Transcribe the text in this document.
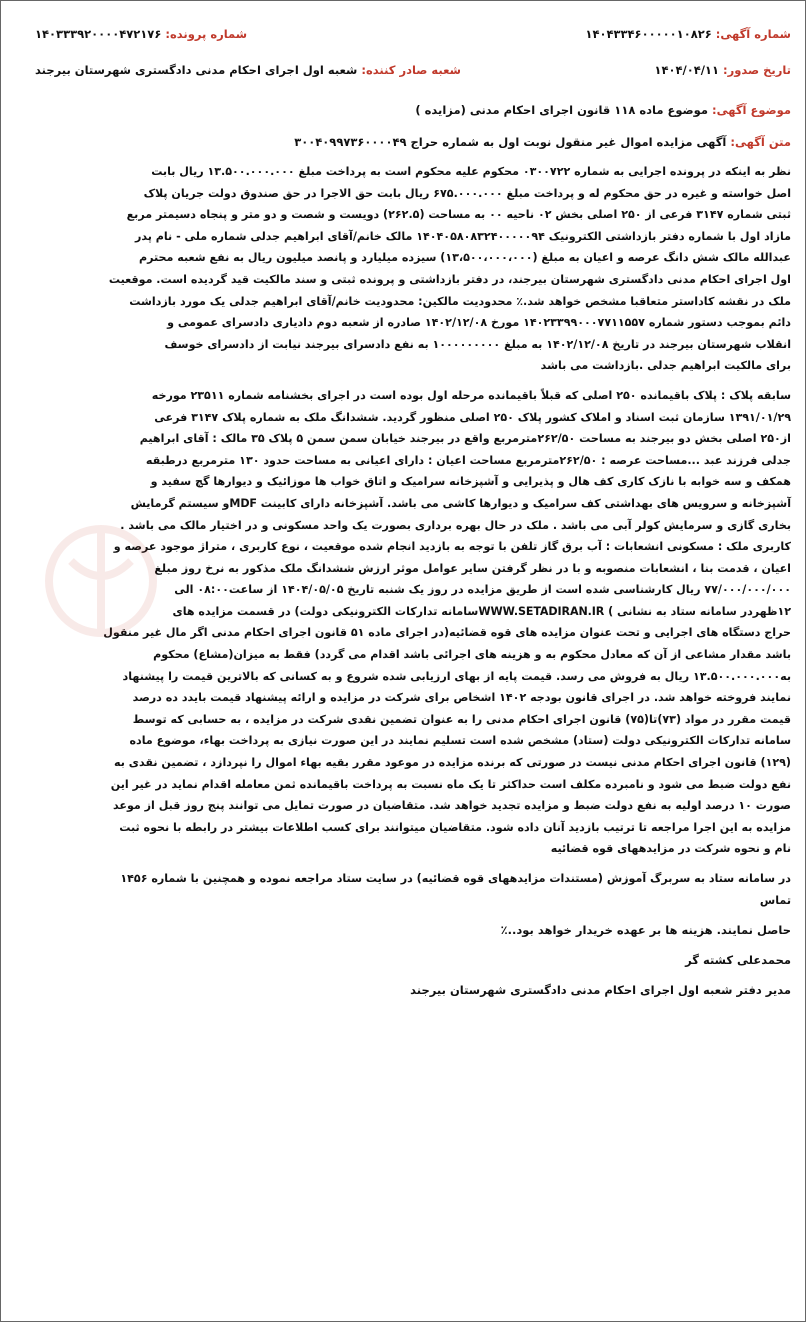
شماره آگهی: ۱۴۰۴۳۳۴۶۰۰۰۰۰۱۰۸۲۶
شماره پرونده: ۱۴۰۳۳۳۹۲۰۰۰۰۴۷۲۱۷۶
تاریخ صدور: ۱۴۰۴/۰۴/۱۱
شعبه صادر کننده: شعبه اول اجرای احکام مدنی دادگستری شهرستان بیرجند
موضوع آگهی: موضوع ماده ۱۱۸ قانون اجرای احکام مدنی (مزایده )
متن آگهی: آگهی مزایده اموال غیر منقول نوبت اول به شماره حراج ۳۰۰۴۰۹۹۷۳۶۰۰۰۰۴۹

نظر به اینکه در پرونده اجرایی به شماره ۰۳۰۰۷۲۲ محکوم علیه محکوم است به پرداخت مبلغ ۱۳.۵۰۰.۰۰۰.۰۰۰ ریال بابت

اصل خواسته و غیره در حق محکوم له و پرداخت مبلغ ۶۷۵.۰۰۰.۰۰۰ ریال بابت حق الاجرا در حق صندوق دولت جریان پلاک

ثبتی شماره ۳۱۴۷ فرعی از ۲۵۰ اصلی بخش ۰۲ ناحیه ۰۰ به مساحت (۲۶۲.۵) دویست و شصت و دو متر و پنجاه دسیمتر مربع

مازاد اول با شماره دفتر بازداشتی الکترونیک ۱۴۰۴۰۵۸۰۸۳۲۴۰۰۰۰۰۹۴ مالک خانم/آقای ابراهیم جدلی شماره ملی - نام پدر

عبدالله مالک شش دانگ عرصه و اعیان به مبلغ (۱۳،۵۰۰،۰۰۰،۰۰۰) سیزده میلیارد و پانصد میلیون ریال به نفع شعبه محترم

اول اجرای احکام مدنی دادگستری شهرستان بیرجند، در دفتر بازداشتی و پرونده ثبتی و سند مالکیت قید گردیده است. موقعیت

ملک در نقشه کاداستر متعاقبا مشخص خواهد شد.٪ محدودیت مالکین: محدودیت خانم/آقای ابراهیم جدلی یک مورد بازداشت

دائم بموجب دستور شماره ۱۴۰۲۳۳۹۹۰۰۰۷۷۱۱۵۵۷ مورخ ۱۴۰۲/۱۲/۰۸ صادره از شعبه دوم دادیاری دادسرای عمومی و

انقلاب شهرستان بیرجند در تاریخ ۱۴۰۲/۱۲/۰۸ به مبلغ ۱۰۰۰۰۰۰۰۰۰ به نفع دادسرای بیرجند نیابت از دادسرای خوسف

برای مالکیت ابراهیم جدلی .بازداشت می باشد

سابقه پلاک : پلاک باقیمانده ۲۵۰ اصلی که قبلاً باقیمانده مرحله اول بوده است در اجرای بخشنامه شماره ۲۳۵۱۱ مورخه

۱۳۹۱/۰۱/۲۹ سازمان ثبت اسناد و املاک کشور پلاک ۲۵۰ اصلی منظور گردید. ششدانگ ملک به شماره پلاک ۳۱۴۷ فرعی

از۲۵۰ اصلی بخش دو بیرجند به مساحت ۲۶۲/۵۰مترمربع واقع در بیرجند خیابان سمن سمن ۵ پلاک ۳۵ مالک : آقای ابراهیم

جدلی فرزند عبد ...مساحت عرصه : ۲۶۲/۵۰مترمربع مساحت اعیان : دارای اعیانی به مساحت حدود ۱۳۰ مترمربع درطبقه

همکف و سه خوابه با نازک کاری کف هال و پذیرایی و آشپزخانه سرامیک و اتاق خواب ها موزائیک و دیوارها گچ سفید و

آشپزخانه و سرویس های بهداشتی کف سرامیک و دیوارها کاشی می باشد. آشپزخانه دارای کابینت MDFو سیستم گرمایش

بخاری گازی و سرمایش کولر آبی می باشد . ملک در حال بهره برداری بصورت یک واحد مسکونی و در اختیار مالک می باشد .

کاربری ملک : مسکونی انشعابات : آب برق گاز تلفن با توجه به بازدید انجام شده موقعیت ، نوع کاربری ، متراژ موجود عرصه و

اعیان ، قدمت بنا ، انشعابات منصوبه و با در نظر گرفتن سایر عوامل موثر ارزش ششدانگ ملک مذکور به نرخ روز مبلغ

۷۷/۰۰۰/۰۰۰/۰۰۰ ریال کارشناسی شده است از طریق مزایده در روز یک شنبه تاریخ ۱۴۰۴/۰۵/۰۵ از ساعت۰۸:۰۰ الی

۱۲ظهردر سامانه ستاد به نشانی ) WWW.SETADIRAN.IRسامانه تدارکات الکترونیکی دولت) در قسمت مزایده های

حراج دستگاه های اجرایی و تحت عنوان مزایده های قوه قضائیه(در اجرای ماده ۵۱ قانون اجرای احکام مدنی اگر مال غیر منقول

باشد مقدار مشاعی از آن که معادل محکوم به و هزینه های اجرائی باشد اقدام می گردد) فقط به میزان(مشاع) محکوم

به۱۳.۵۰۰.۰۰۰.۰۰۰ ریال به فروش می رسد. قیمت پایه از بهای ارزیابی شده شروع و به کسانی که بالاترین قیمت را پیشنهاد

نمایند فروخته خواهد شد. در اجرای قانون بودجه ۱۴۰۲ اشخاص برای شرکت در مزایده و ارائه پیشنهاد قیمت بایدد ده درصد

قیمت مقرر در مواد (۷۳)تا(۷۵) قانون اجرای احکام مدنی را به عنوان تضمین نقدی شرکت در مزایده ، به حسابی که توسط

سامانه تدارکات الکترونیکی دولت (ستاد) مشخص شده است تسلیم نمایند در این صورت نیازی به پرداخت بهاء، موضوع ماده

(۱۲۹) قانون اجرای احکام مدنی نیست در صورتی که برنده مزایده در موعود مقرر بقیه بهاء اموال را نپردازد ، تضمین نقدی به

نفع دولت ضبط می شود و نامبرده مکلف است حداکثر تا یک ماه نسبت به پرداخت باقیمانده ثمن معامله اقدام نماید در غیر این

صورت ۱۰ درصد اولیه به نفع دولت ضبط و مزایده تجدید خواهد شد. متقاضیان در صورت تمایل می توانند پنج روز قبل از موعد

مزایده به این اجرا مراجعه تا ترتیب بازدید آنان داده شود. متقاضیان میتوانند برای کسب اطلاعات بیشتر در رابطه با نحوه ثبت

نام و نحوه شرکت در مزایدههای قوه قضائیه

در سامانه ستاد به سربرگ آموزش (مستندات مزایدههای قوه قضائیه) در سایت ستاد مراجعه نموده و همچنین با شماره ۱۴۵۶

تماس

حاصل نمایند. هزینه ها بر عهده خریدار خواهد بود..٪
محمدعلی کشته گر
مدیر دفتر شعبه اول اجرای احکام مدنی دادگستری شهرستان بیرجند
